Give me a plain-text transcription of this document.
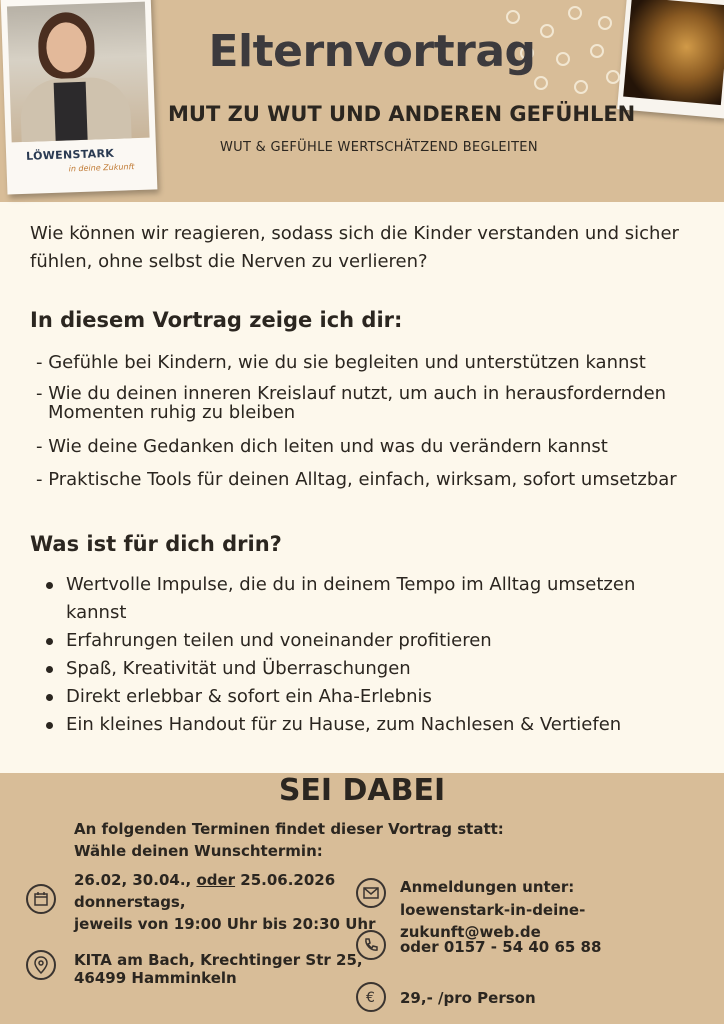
LÖWENSTARK
in deine Zukunft
Elternvortrag
MUT ZU WUT UND ANDEREN GEFÜHLEN
WUT & GEFÜHLE WERTSCHÄTZEND BEGLEITEN
Wie können wir reagieren, sodass sich die Kinder verstanden und sicher fühlen, ohne selbst die Nerven zu verlieren?
In diesem Vortrag zeige ich dir:
- Gefühle bei Kindern, wie du sie begleiten und unterstützen kannst
- Wie du deinen inneren Kreislauf nutzt, um auch in herausfordernden
Momenten ruhig zu bleiben
- Wie deine Gedanken dich leiten und was du verändern kannst
- Praktische Tools für deinen Alltag, einfach, wirksam, sofort umsetzbar
Was ist für dich drin?
Wertvolle Impulse, die du in deinem Tempo im Alltag umsetzen kannst
Erfahrungen teilen und voneinander profitieren
Spaß, Kreativität und Überraschungen
Direkt erlebbar & sofort ein Aha-Erlebnis
Ein kleines Handout für zu Hause, zum Nachlesen & Vertiefen
SEI DABEI
An folgenden Terminen findet dieser Vortrag statt:
Wähle deinen Wunschtermin:
26.02, 30.04., oder 25.06.2026
donnerstags,
jeweils von 19:00 Uhr bis 20:30 Uhr
KITA am Bach, Krechtinger Str 25,
46499 Hamminkeln
Anmeldungen unter:
loewenstark-in-deine-zukunft@web.de
oder 0157 - 54 40 65 88
€ 29,- /pro Person
